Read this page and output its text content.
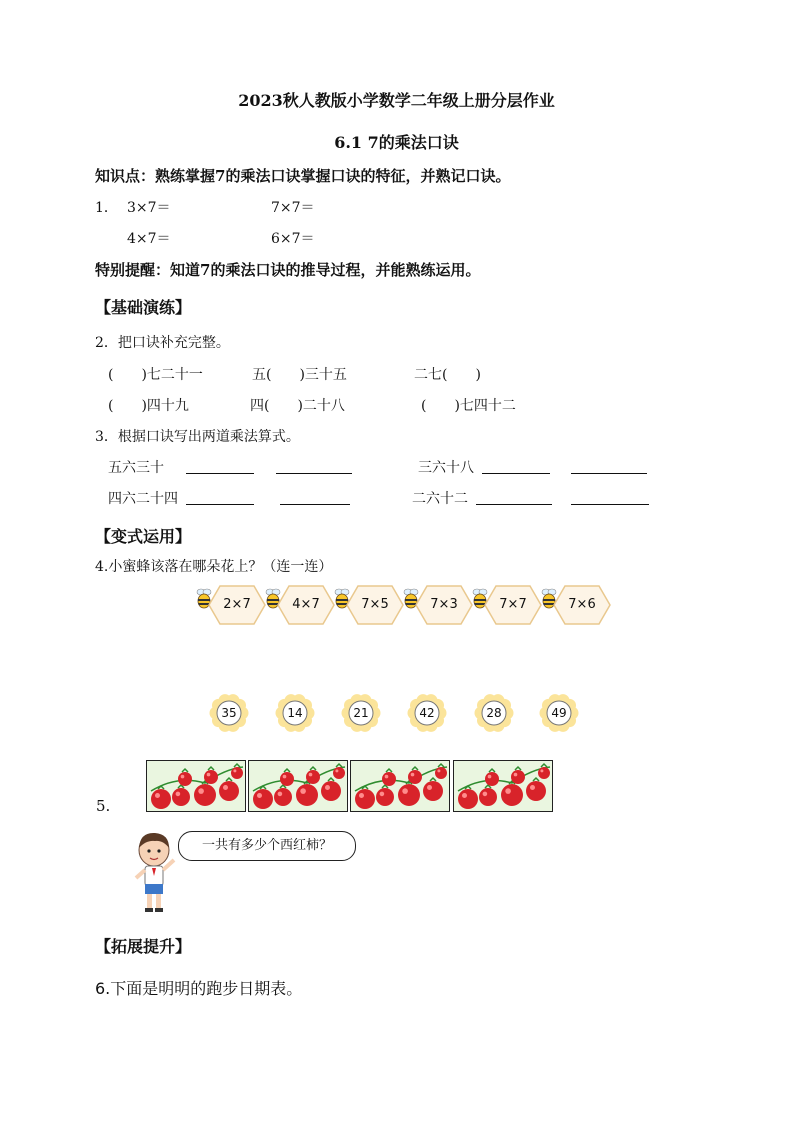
2023秋人教版小学数学二年级上册分层作业
6.1 7的乘法口诀
知识点：熟练掌握7的乘法口诀掌握口诀的特征，并熟记口诀。
1． 3×7＝	7×7＝
4×7＝	6×7＝
特别提醒：知道7的乘法口诀的推导过程，并能熟练运用。
【基础演练】
2．把口诀补充完整。
(　　)七二十一	五(　　)三十五	二七(　　)
(　　)四十九	四(　　)二十八	(　　)七四十二
3．根据口诀写出两道乘法算式。
五六三十	三六十八
四六二十四	二六十二
【变式运用】
4.小蜜蜂该落在哪朵花上？（连一连）
2×7	4×7	7×5	7×3	7×7	7×6
35	14	21	42	28	49
5.
一共有多少个西红柿？
【拓展提升】
6.下面是明明的跑步日期表。
